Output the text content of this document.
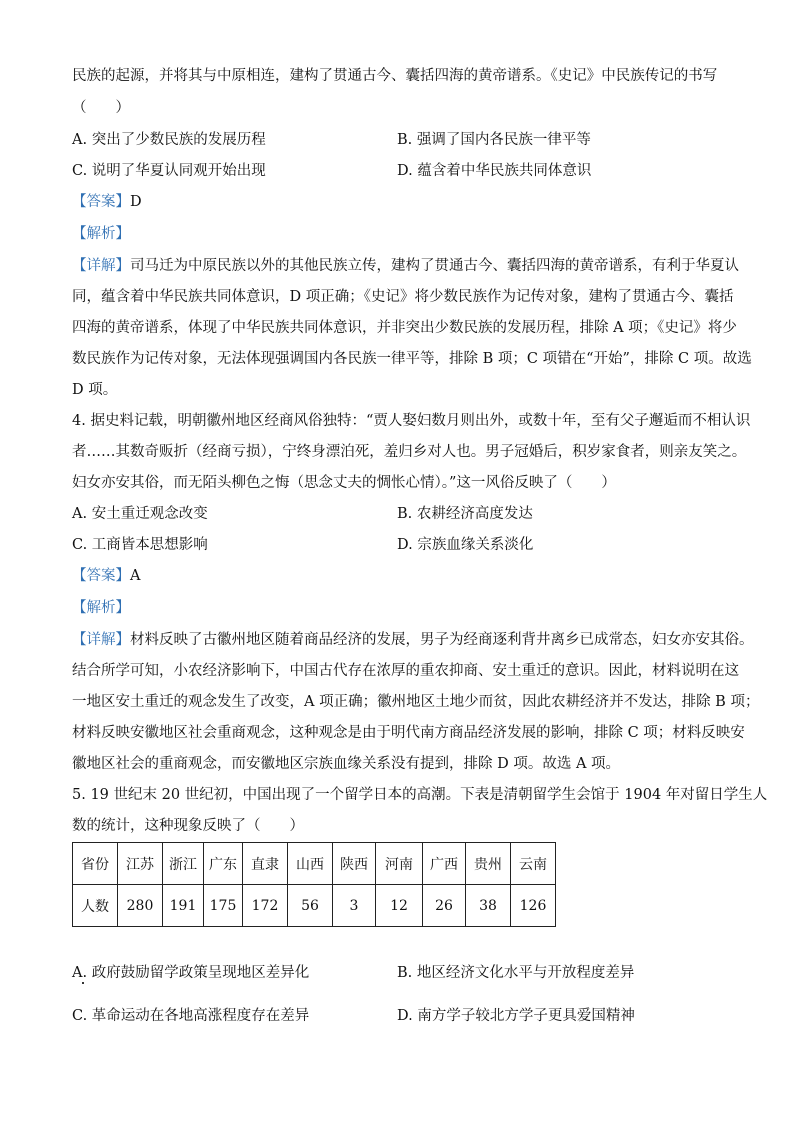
民族的起源，并将其与中原相连，建构了贯通古今、囊括四海的黄帝谱系。《史记》中民族传记的书写
（　　）
A. 突出了少数民族的发展历程	B. 强调了国内各民族一律平等
C. 说明了华夏认同观开始出现	D. 蕴含着中华民族共同体意识
【答案】D
【解析】
【详解】司马迁为中原民族以外的其他民族立传，建构了贯通古今、囊括四海的黄帝谱系，有利于华夏认
同，蕴含着中华民族共同体意识，D 项正确；《史记》将少数民族作为记传对象，建构了贯通古今、囊括
四海的黄帝谱系，体现了中华民族共同体意识，并非突出少数民族的发展历程，排除 A 项；《史记》将少
数民族作为记传对象，无法体现强调国内各民族一律平等，排除 B 项；C 项错在“开始”，排除 C 项。故选
D 项。
4. 据史料记载，明朝徽州地区经商风俗独特：“贾人娶妇数月则出外，或数十年，至有父子邂逅而不相认识
者……其数奇贩折（经商亏损），宁终身漂泊死，羞归乡对人也。男子冠婚后，积岁家食者，则亲友笑之。
妇女亦安其俗，而无陌头柳色之悔（思念丈夫的惆怅心情）。”这一风俗反映了（　　）
A. 安土重迁观念改变	B. 农耕经济高度发达
C. 工商皆本思想影响	D. 宗族血缘关系淡化
【答案】A
【解析】
【详解】材料反映了古徽州地区随着商品经济的发展，男子为经商逐利背井离乡已成常态，妇女亦安其俗。
结合所学可知，小农经济影响下，中国古代存在浓厚的重农抑商、安土重迁的意识。因此，材料说明在这
一地区安土重迁的观念发生了改变，A 项正确；徽州地区土地少而贫，因此农耕经济并不发达，排除 B 项；
材料反映安徽地区社会重商观念，这种观念是由于明代南方商品经济发展的影响，排除 C 项；材料反映安
徽地区社会的重商观念，而安徽地区宗族血缘关系没有提到，排除 D 项。故选 A 项。
5. 19 世纪末 20 世纪初，中国出现了一个留学日本的高潮。下表是清朝留学生会馆于 1904 年对留日学生人
数的统计，这种现象反映了（　　）
省份	江苏	浙江	广东	直隶	山西	陕西	河南	广西	贵州	云南
人数	280	191	175	172	56	3	12	26	38	126
A. 政府鼓励留学政策呈现地区差异化	B. 地区经济文化水平与开放程度差异
C. 革命运动在各地高涨程度存在差异	D. 南方学子较北方学子更具爱国精神
